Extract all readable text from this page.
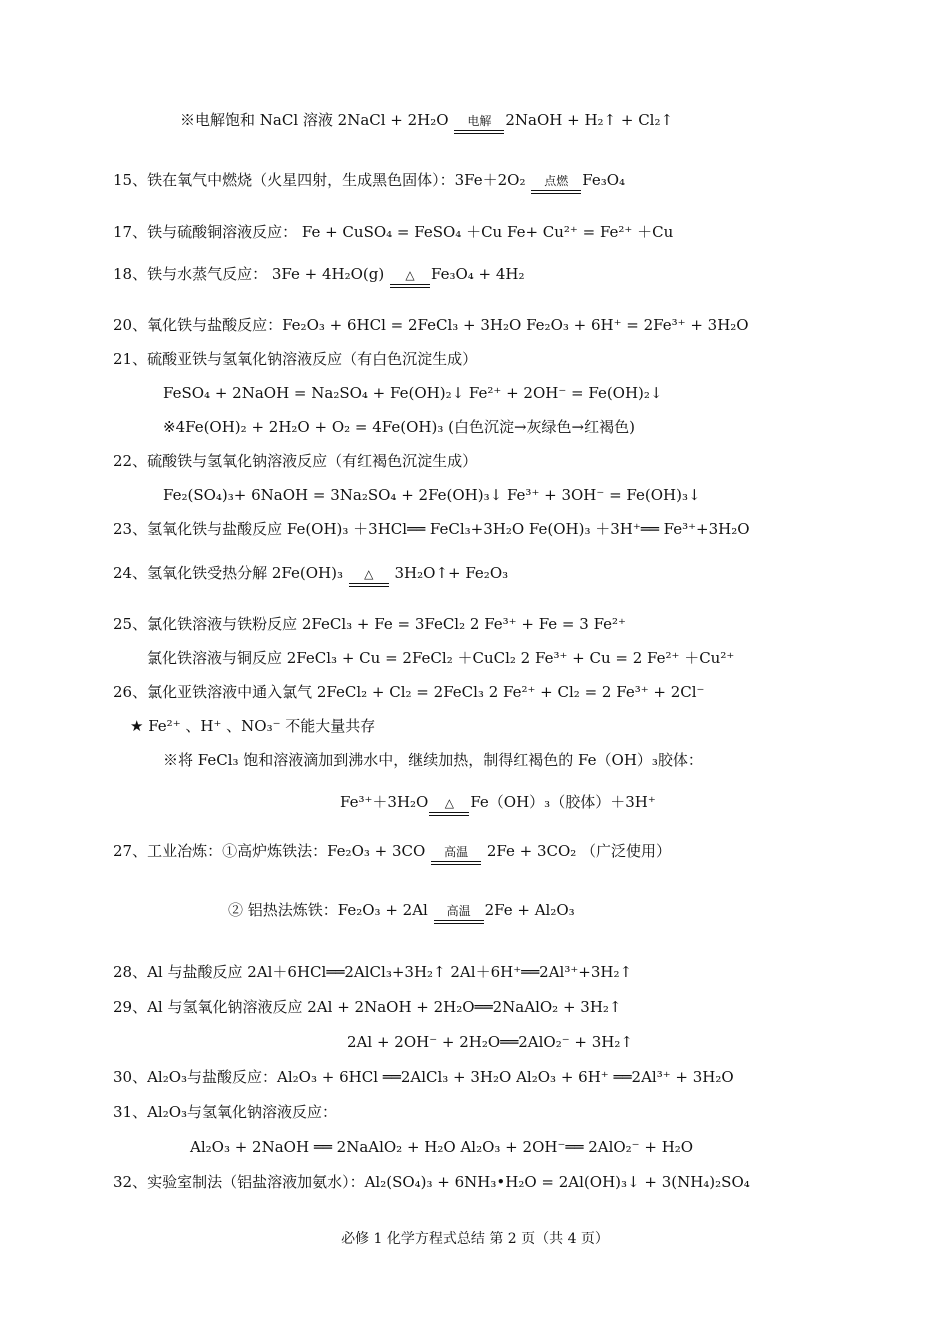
※电解饱和 NaCl 溶液 2NaCl + 2H₂O 电解 2NaOH + H₂↑ + Cl₂↑
15、铁在氧气中燃烧（火星四射，生成黑色固体）：3Fe＋2O₂ 点燃 Fe₃O₄
17、铁与硫酸铜溶液反应： Fe + CuSO₄ = FeSO₄ ＋Cu Fe+ Cu²⁺ = Fe²⁺ ＋Cu
18、铁与水蒸气反应： 3Fe + 4H₂O(g) △ Fe₃O₄ + 4H₂
20、氧化铁与盐酸反应：Fe₂O₃ + 6HCl = 2FeCl₃ + 3H₂O Fe₂O₃ + 6H⁺ = 2Fe³⁺ + 3H₂O
21、硫酸亚铁与氢氧化钠溶液反应（有白色沉淀生成）
FeSO₄ + 2NaOH = Na₂SO₄ + Fe(OH)₂↓ Fe²⁺ + 2OH⁻ = Fe(OH)₂↓
※4Fe(OH)₂ + 2H₂O + O₂ = 4Fe(OH)₃ (白色沉淀→灰绿色→红褐色)
22、硫酸铁与氢氧化钠溶液反应（有红褐色沉淀生成）
Fe₂(SO₄)₃+ 6NaOH = 3Na₂SO₄ + 2Fe(OH)₃↓ Fe³⁺ + 3OH⁻ = Fe(OH)₃↓
23、氢氧化铁与盐酸反应 Fe(OH)₃ ＋3HCl══ FeCl₃+3H₂O Fe(OH)₃ ＋3H⁺══ Fe³⁺+3H₂O
24、氢氧化铁受热分解 2Fe(OH)₃ △ 3H₂O↑+ Fe₂O₃
25、氯化铁溶液与铁粉反应 2FeCl₃ + Fe = 3FeCl₂ 2 Fe³⁺ + Fe = 3 Fe²⁺
氯化铁溶液与铜反应 2FeCl₃ + Cu = 2FeCl₂ ＋CuCl₂ 2 Fe³⁺ + Cu = 2 Fe²⁺ ＋Cu²⁺
26、氯化亚铁溶液中通入氯气 2FeCl₂ + Cl₂ = 2FeCl₃ 2 Fe²⁺ + Cl₂ = 2 Fe³⁺ + 2Cl⁻
★ Fe²⁺ 、H⁺ 、NO₃⁻ 不能大量共存
※将 FeCl₃ 饱和溶液滴加到沸水中，继续加热，制得红褐色的 Fe（OH）₃胶体：
Fe³⁺＋3H₂O △ Fe（OH）₃（胶体）＋3H⁺
27、工业冶炼：①高炉炼铁法：Fe₂O₃ + 3CO 高温 2Fe + 3CO₂ （广泛使用）
② 铝热法炼铁：Fe₂O₃ + 2Al 高温 2Fe + Al₂O₃
28、Al 与盐酸反应 2Al＋6HCl══2AlCl₃+3H₂↑ 2Al＋6H⁺══2Al³⁺+3H₂↑
29、Al 与氢氧化钠溶液反应 2Al + 2NaOH + 2H₂O══2NaAlO₂ + 3H₂↑
2Al + 2OH⁻ + 2H₂O══2AlO₂⁻ + 3H₂↑
30、Al₂O₃与盐酸反应：Al₂O₃ + 6HCl ══2AlCl₃ + 3H₂O Al₂O₃ + 6H⁺ ══2Al³⁺ + 3H₂O
31、Al₂O₃与氢氧化钠溶液反应：
Al₂O₃ + 2NaOH ══ 2NaAlO₂ + H₂O Al₂O₃ + 2OH⁻══ 2AlO₂⁻ + H₂O
32、实验室制法（铝盐溶液加氨水）：Al₂(SO₄)₃ + 6NH₃•H₂O = 2Al(OH)₃↓ + 3(NH₄)₂SO₄
必修 1 化学方程式总结 第 2 页（共 4 页）
